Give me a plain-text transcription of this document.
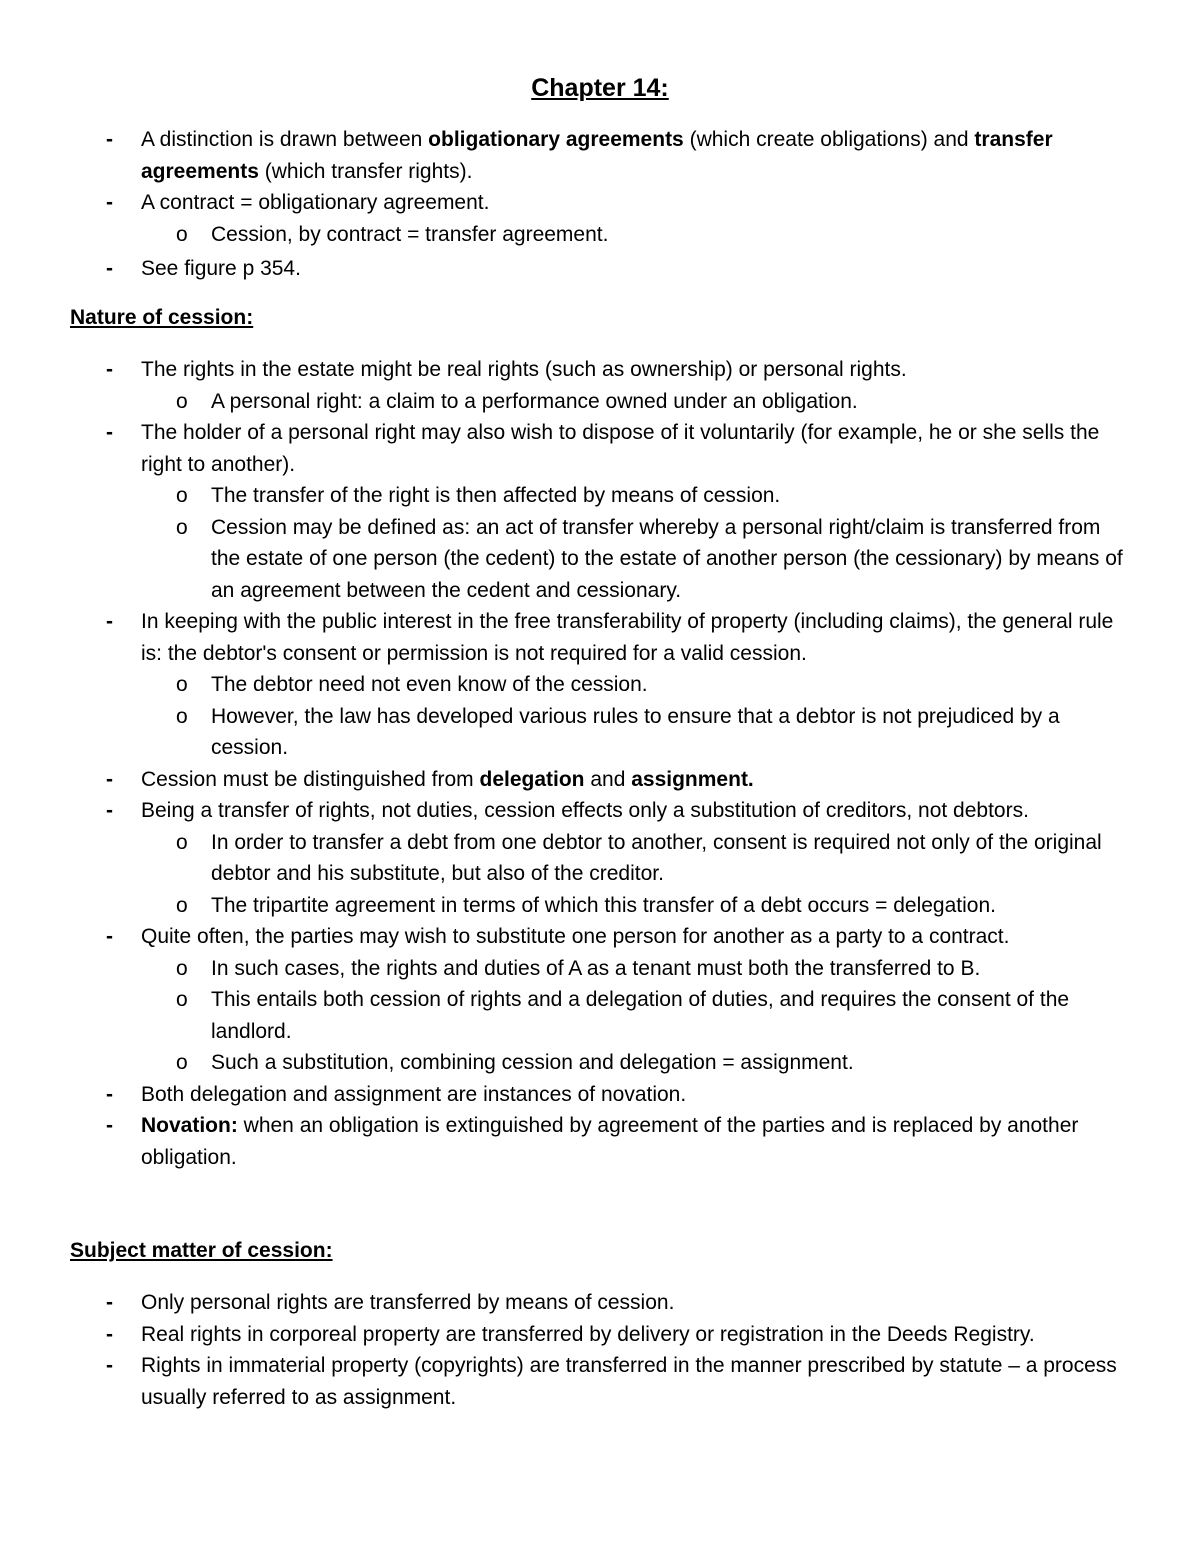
Chapter 14:
- A distinction is drawn between obligationary agreements (which create obligations) and transfer agreements (which transfer rights).
- A contract = obligationary agreement.
o Cession, by contract = transfer agreement.
- See figure p 354.
Nature of cession:
- The rights in the estate might be real rights (such as ownership) or personal rights.
o A personal right: a claim to a performance owned under an obligation.
- The holder of a personal right may also wish to dispose of it voluntarily (for example, he or she sells the right to another).
o The transfer of the right is then affected by means of cession.
o Cession may be defined as: an act of transfer whereby a personal right/claim is transferred from the estate of one person (the cedent) to the estate of another person (the cessionary) by means of an agreement between the cedent and cessionary.
- In keeping with the public interest in the free transferability of property (including claims), the general rule is: the debtor's consent or permission is not required for a valid cession.
o The debtor need not even know of the cession.
o However, the law has developed various rules to ensure that a debtor is not prejudiced by a cession.
- Cession must be distinguished from delegation and assignment.
- Being a transfer of rights, not duties, cession effects only a substitution of creditors, not debtors.
o In order to transfer a debt from one debtor to another, consent is required not only of the original debtor and his substitute, but also of the creditor.
o The tripartite agreement in terms of which this transfer of a debt occurs = delegation.
- Quite often, the parties may wish to substitute one person for another as a party to a contract.
o In such cases, the rights and duties of A as a tenant must both the transferred to B.
o This entails both cession of rights and a delegation of duties, and requires the consent of the landlord.
o Such a substitution, combining cession and delegation = assignment.
- Both delegation and assignment are instances of novation.
- Novation: when an obligation is extinguished by agreement of the parties and is replaced by another obligation.
Subject matter of cession:
- Only personal rights are transferred by means of cession.
- Real rights in corporeal property are transferred by delivery or registration in the Deeds Registry.
- Rights in immaterial property (copyrights) are transferred in the manner prescribed by statute – a process usually referred to as assignment.
